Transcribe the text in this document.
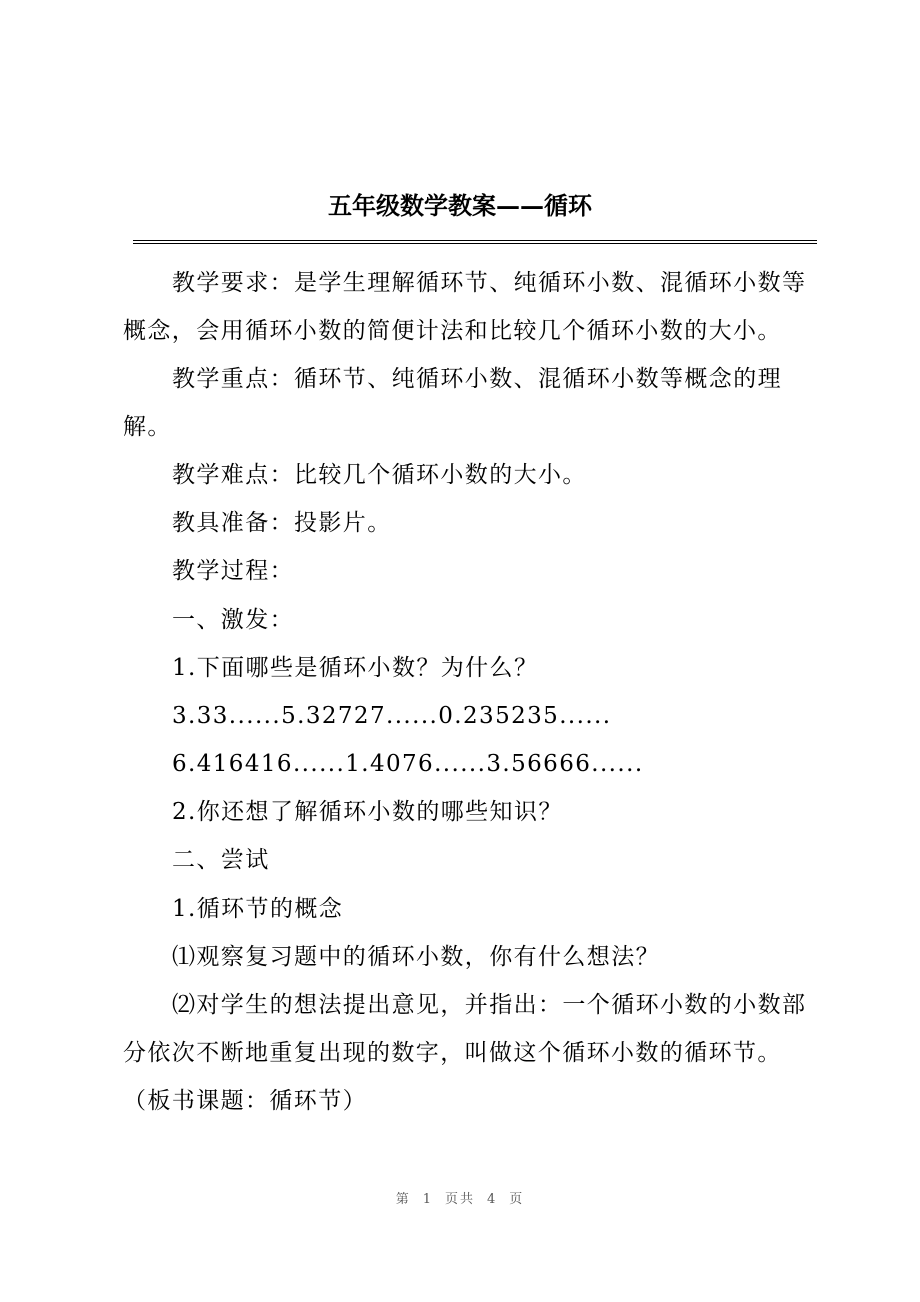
五年级数学教案——循环
教学要求：是学生理解循环节、纯循环小数、混循环小数等
概念，会用循环小数的简便计法和比较几个循环小数的大小。
教学重点：循环节、纯循环小数、混循环小数等概念的理
解。
教学难点：比较几个循环小数的大小。
教具准备：投影片。
教学过程：
一、激发：
1.下面哪些是循环小数？为什么？
3.33......5.32727......0.235235......
6.416416......1.4076......3.56666......
2.你还想了解循环小数的哪些知识？
二、尝试
1.循环节的概念
⑴观察复习题中的循环小数，你有什么想法？
⑵对学生的想法提出意见，并指出：一个循环小数的小数部
分依次不断地重复出现的数字，叫做这个循环小数的循环节。
（板书课题：循环节）
第 1 页共 4 页
